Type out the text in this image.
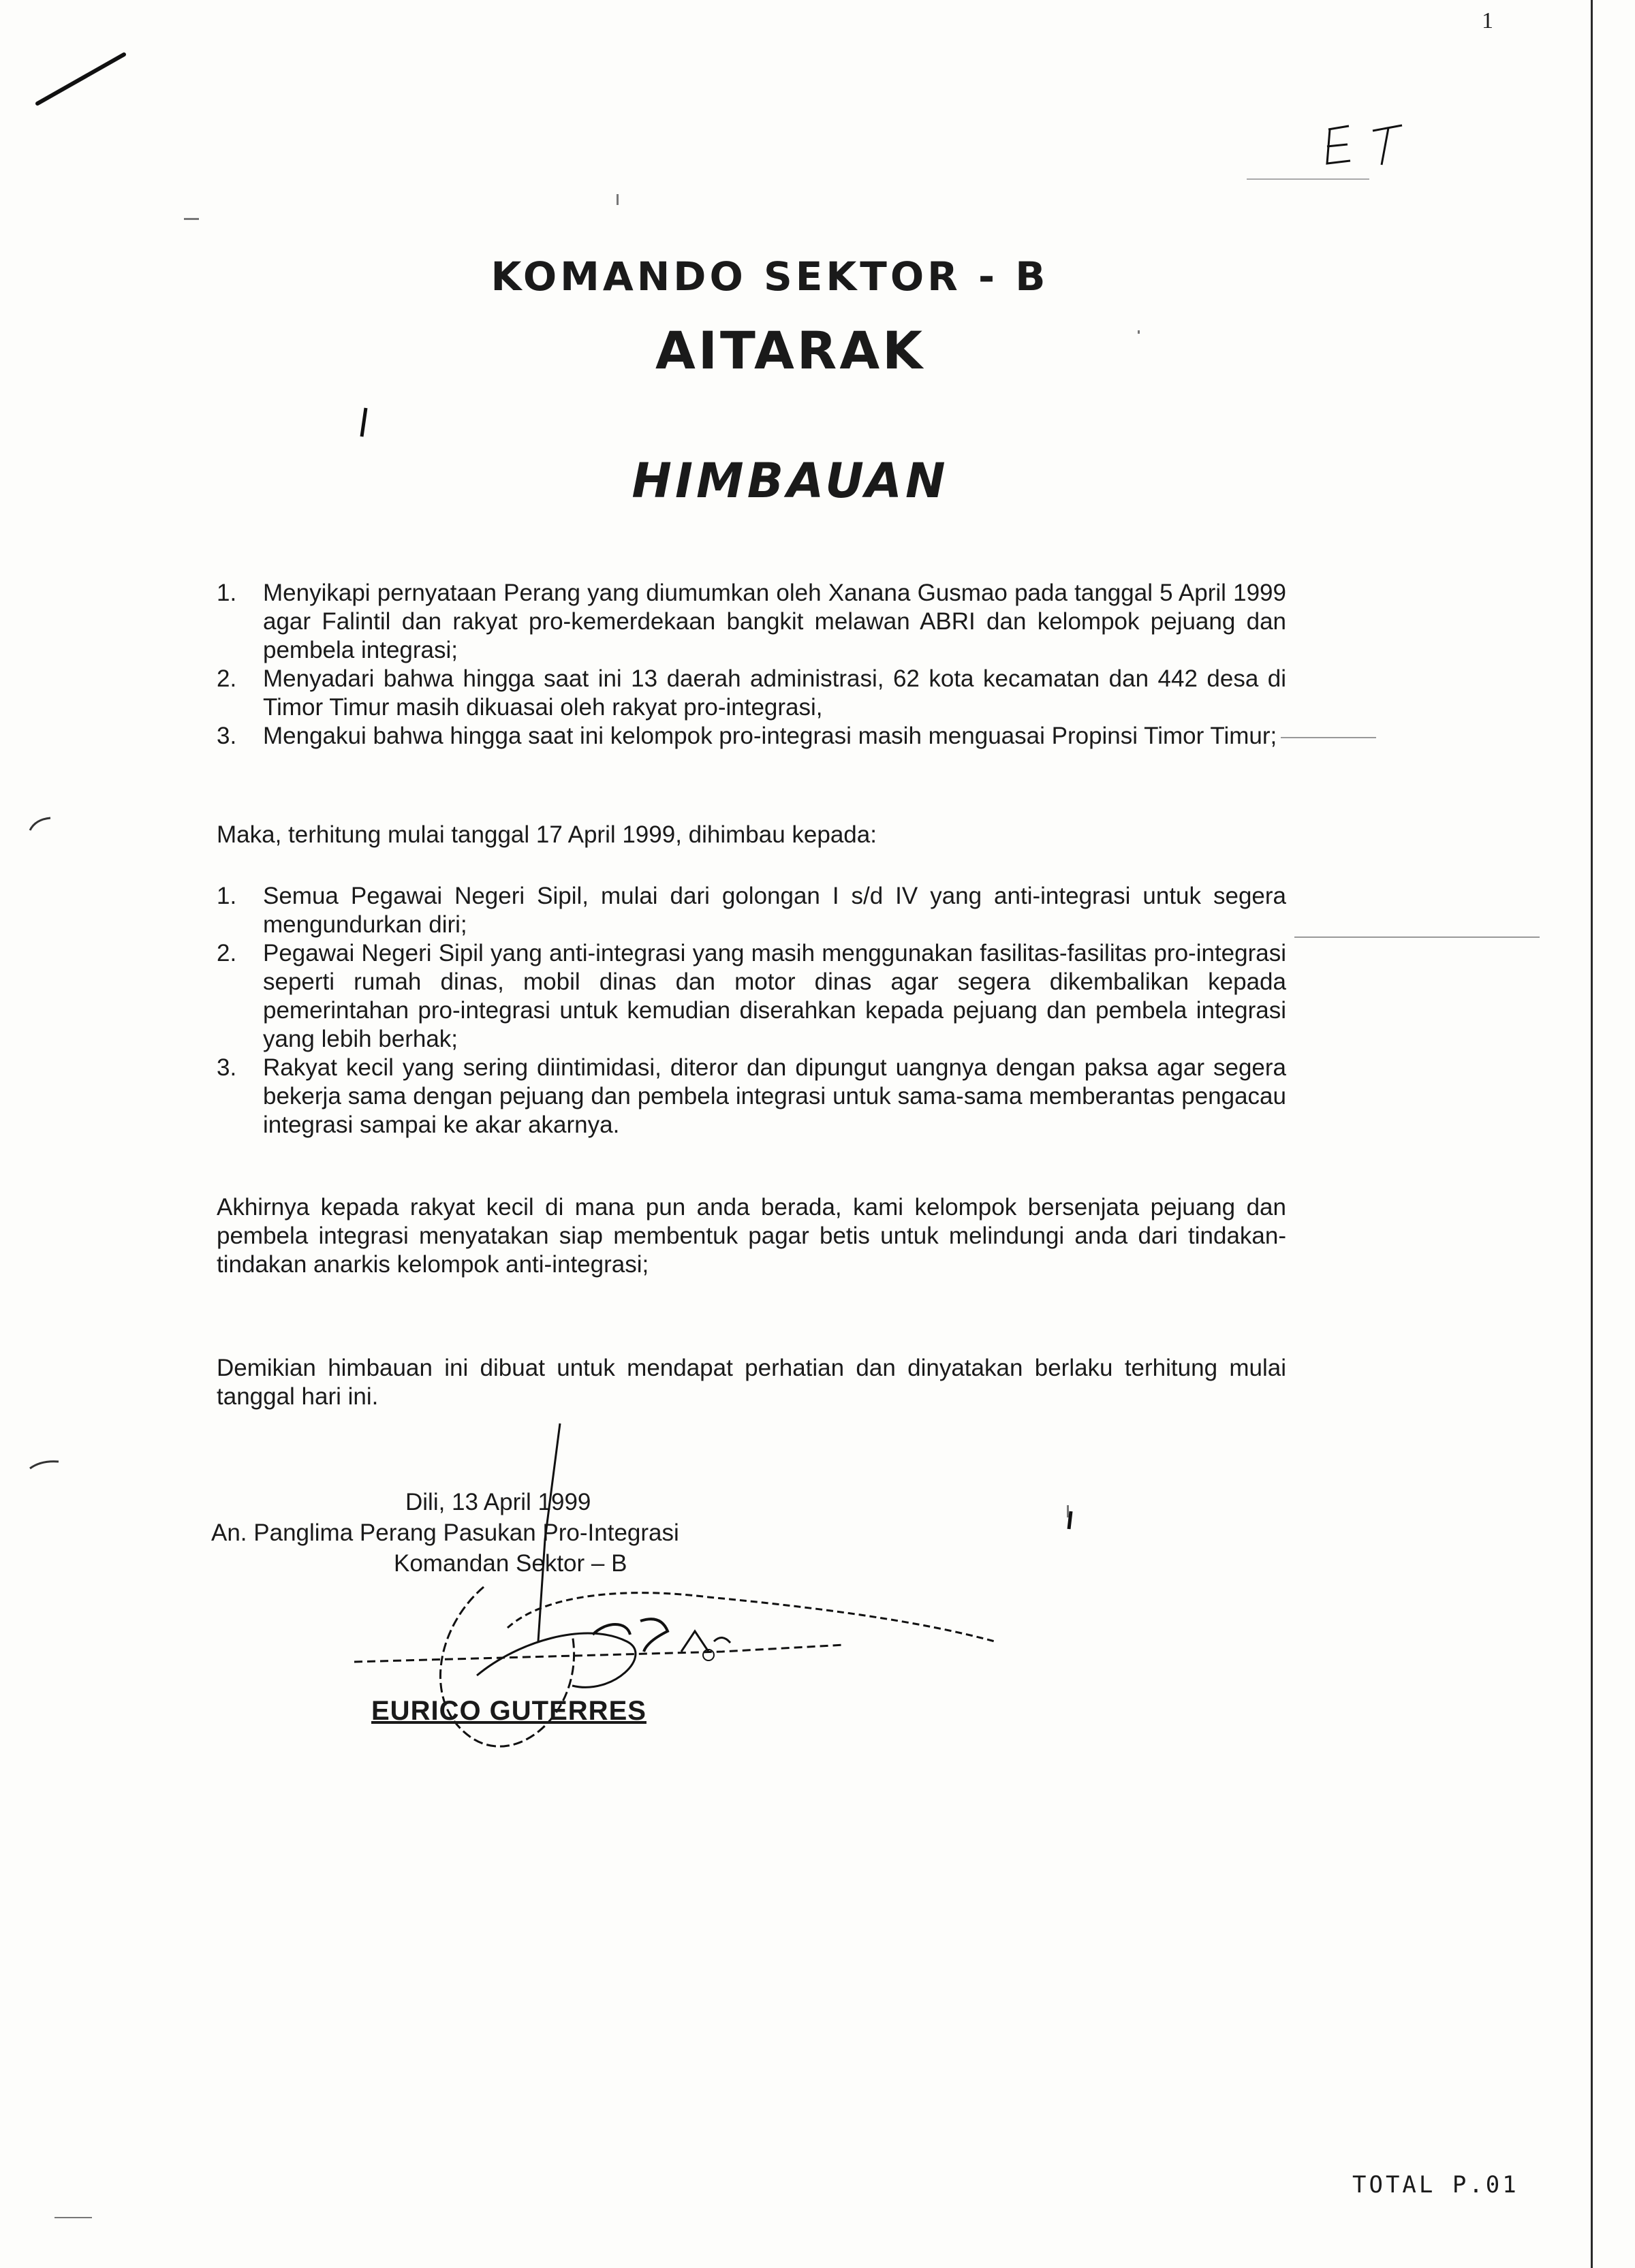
1
KOMANDO SEKTOR - B
AITARAK
HIMBAUAN
1. Menyikapi pernyataan Perang yang diumumkan oleh Xanana Gusmao pada tanggal 5 April 1999 agar Falintil dan rakyat pro-kemerdekaan bangkit melawan ABRI dan kelompok pejuang dan pembela integrasi;
2. Menyadari bahwa hingga saat ini 13 daerah administrasi, 62 kota kecamatan dan 442 desa di Timor Timur masih dikuasai oleh rakyat pro-integrasi,
3. Mengakui bahwa hingga saat ini kelompok pro-integrasi masih menguasai Propinsi Timor Timur;
Maka, terhitung mulai tanggal 17 April 1999, dihimbau kepada:
1. Semua Pegawai Negeri Sipil, mulai dari golongan I s/d IV yang anti-integrasi untuk segera mengundurkan diri;
2. Pegawai Negeri Sipil yang anti-integrasi yang masih menggunakan fasilitas-fasilitas pro-integrasi seperti rumah dinas, mobil dinas dan motor dinas agar segera dikembalikan kepada pemerintahan pro-integrasi untuk kemudian diserahkan kepada pejuang dan pembela integrasi yang lebih berhak;
3. Rakyat kecil yang sering diintimidasi, diteror dan dipungut uangnya dengan paksa agar segera bekerja sama dengan pejuang dan pembela integrasi untuk sama-sama memberantas pengacau integrasi sampai ke akar akarnya.
Akhirnya kepada rakyat kecil di mana pun anda berada, kami kelompok bersenjata pejuang dan pembela integrasi menyatakan siap membentuk pagar betis untuk melindungi anda dari tindakan-tindakan anarkis kelompok anti-integrasi;
Demikian himbauan ini dibuat untuk mendapat perhatian dan dinyatakan berlaku terhitung mulai tanggal hari ini.
Dili, 13 April 1999
An. Panglima Perang Pasukan Pro-Integrasi
Komandan Sektor – B
EURICO GUTERRES
TOTAL P.01
